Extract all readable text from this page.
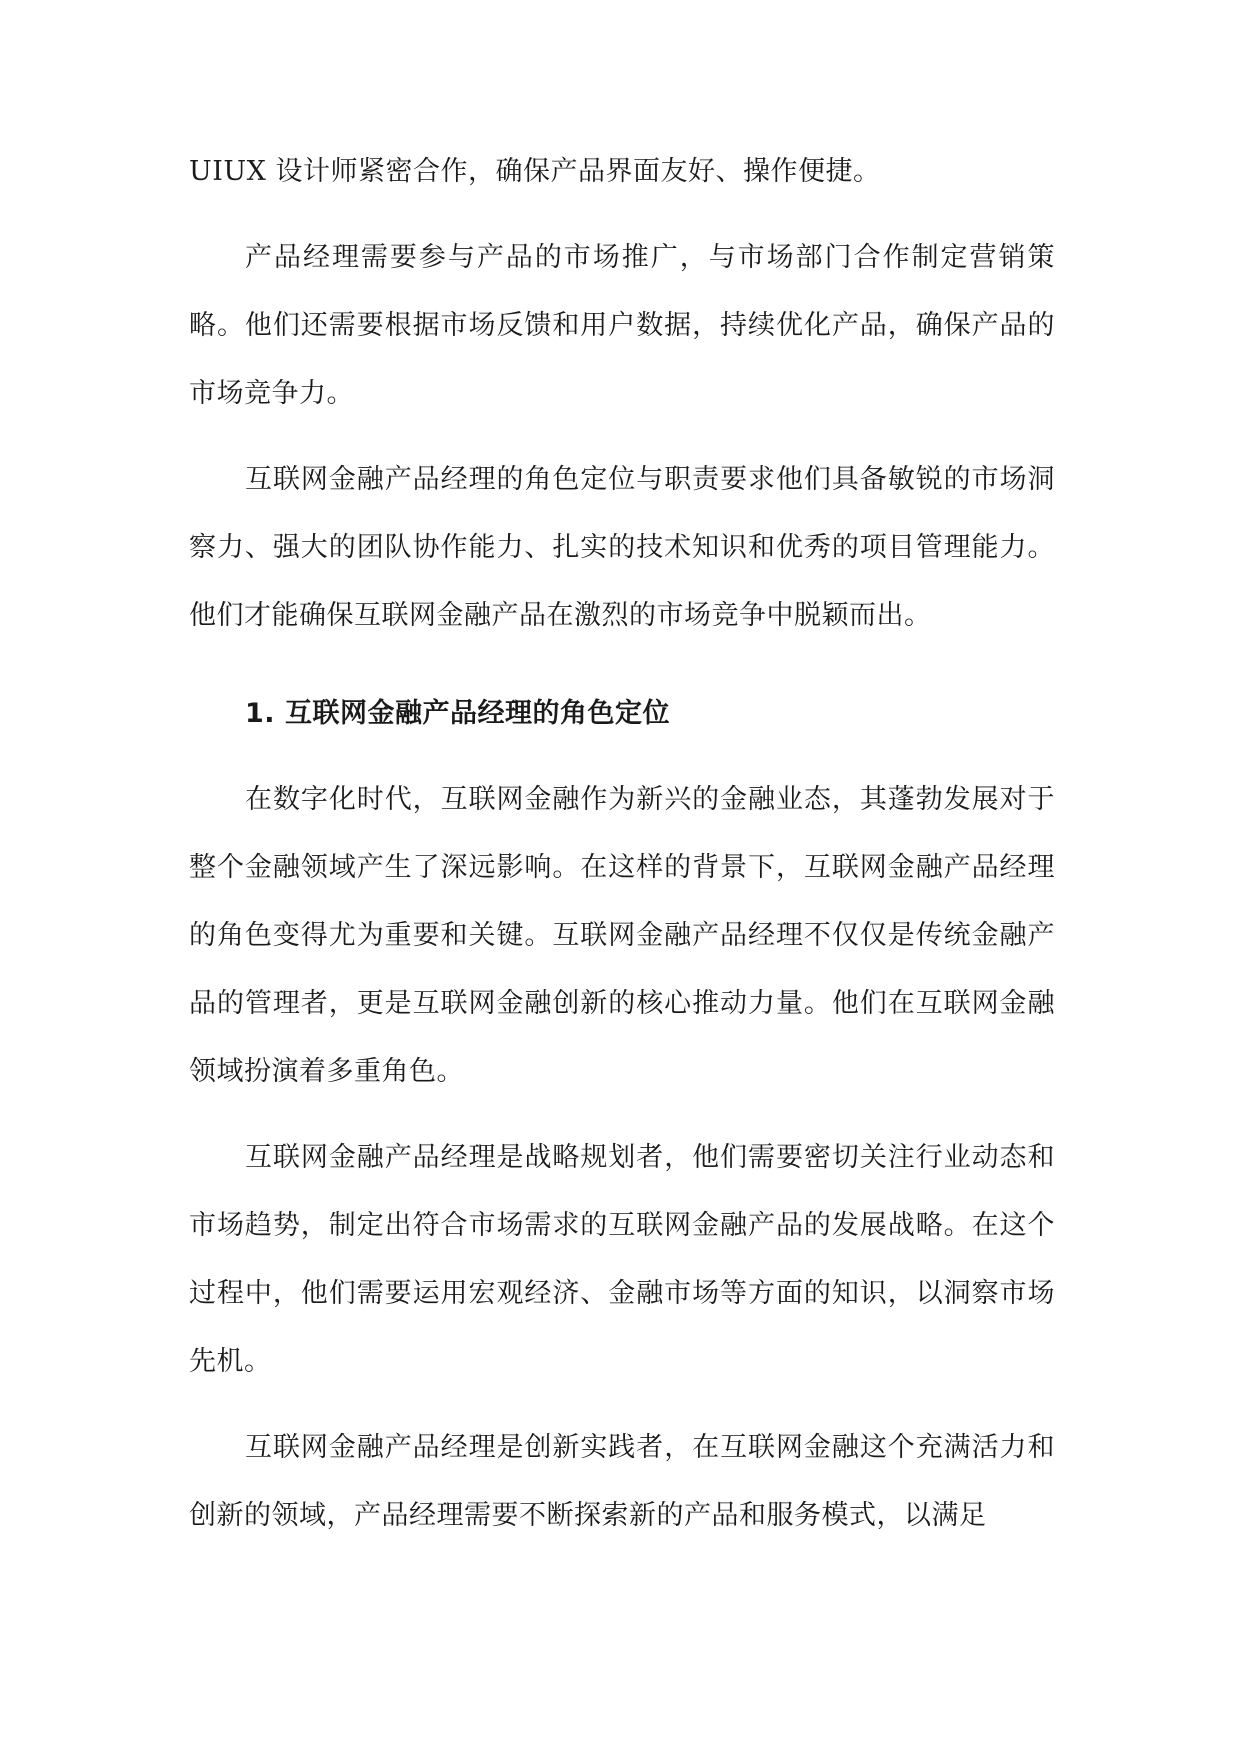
UIUX 设计师紧密合作，确保产品界面友好、操作便捷。

产品经理需要参与产品的市场推广，与市场部门合作制定营销策略。他们还需要根据市场反馈和用户数据，持续优化产品，确保产品的市场竞争力。

互联网金融产品经理的角色定位与职责要求他们具备敏锐的市场洞察力、强大的团队协作能力、扎实的技术知识和优秀的项目管理能力。他们才能确保互联网金融产品在激烈的市场竞争中脱颖而出。

1. 互联网金融产品经理的角色定位

在数字化时代，互联网金融作为新兴的金融业态，其蓬勃发展对于整个金融领域产生了深远影响。在这样的背景下，互联网金融产品经理的角色变得尤为重要和关键。互联网金融产品经理不仅仅是传统金融产品的管理者，更是互联网金融创新的核心推动力量。他们在互联网金融领域扮演着多重角色。

互联网金融产品经理是战略规划者，他们需要密切关注行业动态和市场趋势，制定出符合市场需求的互联网金融产品的发展战略。在这个过程中，他们需要运用宏观经济、金融市场等方面的知识，以洞察市场先机。

互联网金融产品经理是创新实践者，在互联网金融这个充满活力和创新的领域，产品经理需要不断探索新的产品和服务模式，以满足
